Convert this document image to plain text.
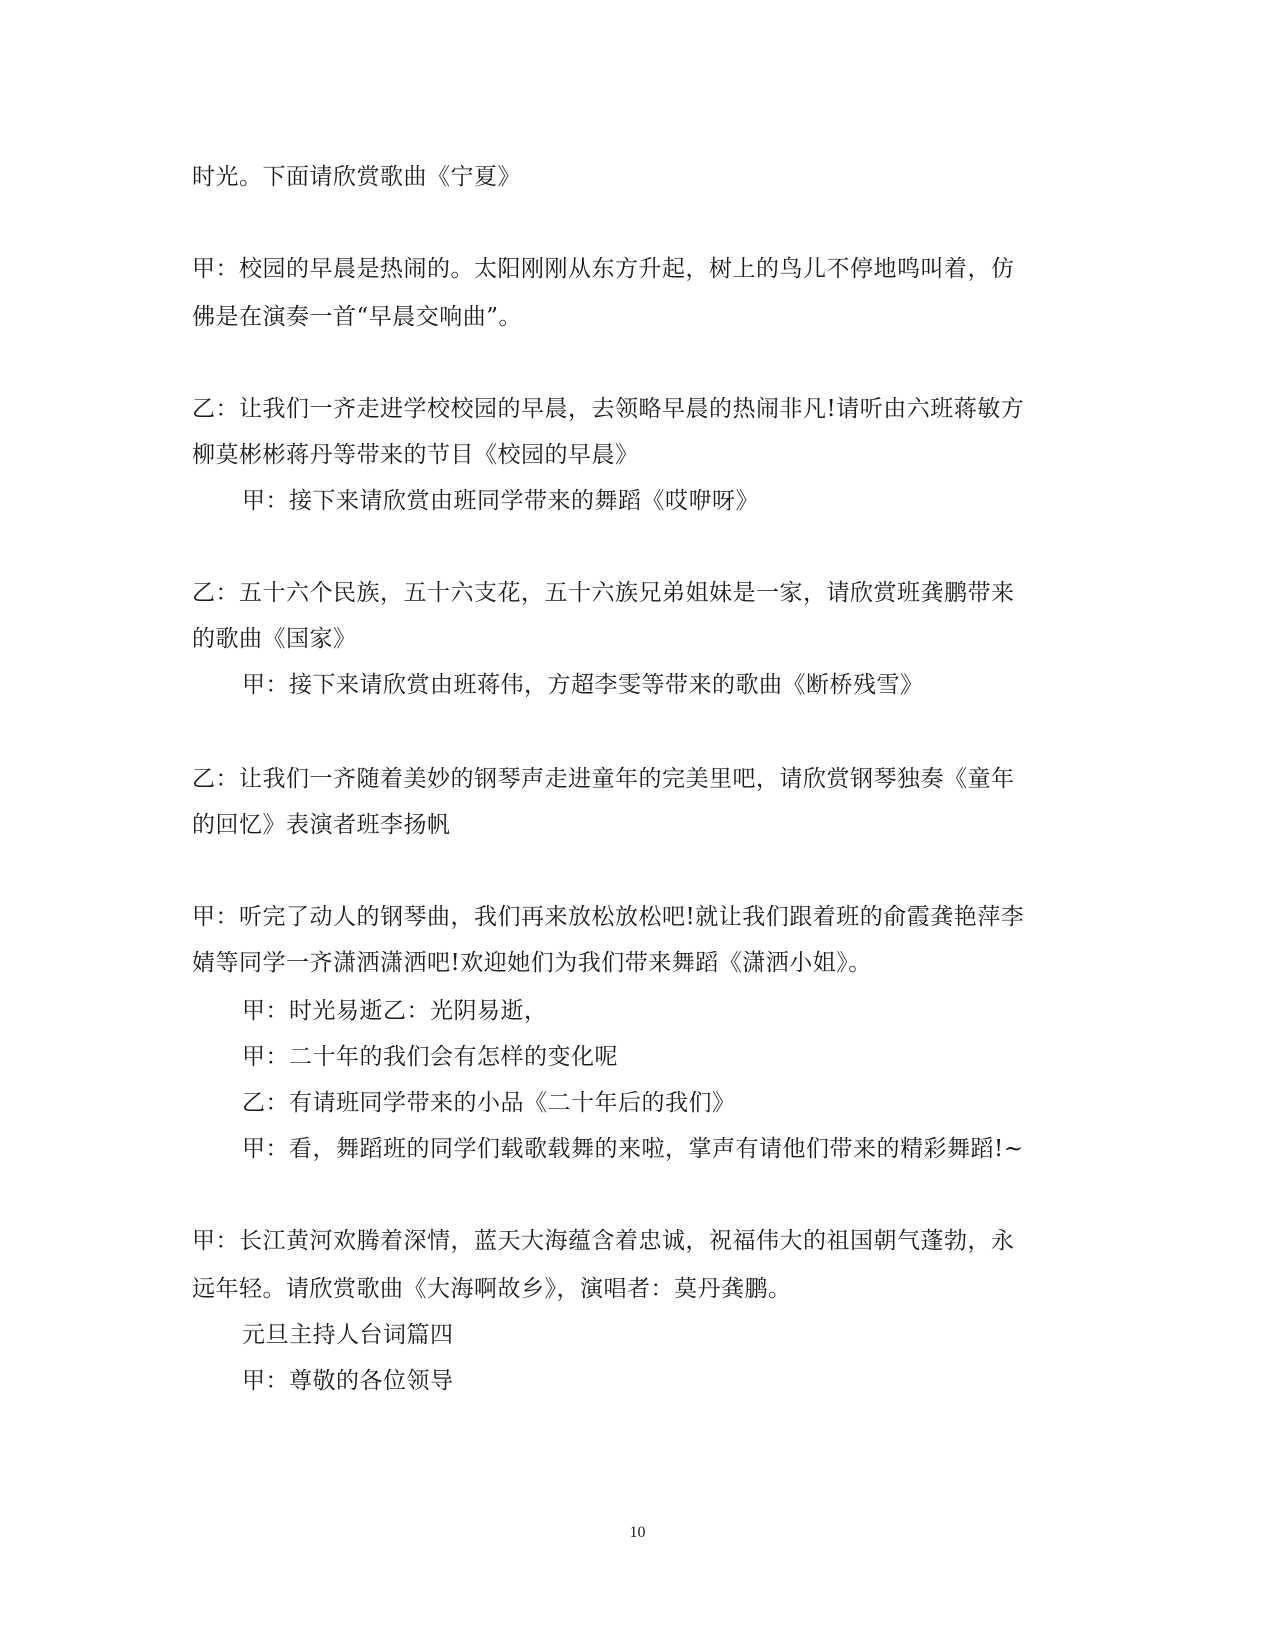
时光。下面请欣赏歌曲《宁夏》
甲：校园的早晨是热闹的。太阳刚刚从东方升起，树上的鸟儿不停地鸣叫着，仿
佛是在演奏一首“早晨交响曲”。
乙：让我们一齐走进学校校园的早晨，去领略早晨的热闹非凡!请听由六班蒋敏方
柳莫彬彬蒋丹等带来的节目《校园的早晨》
甲：接下来请欣赏由班同学带来的舞蹈《哎咿呀》
乙：五十六个民族，五十六支花，五十六族兄弟姐妹是一家，请欣赏班龚鹏带来
的歌曲《国家》
甲：接下来请欣赏由班蒋伟，方超李雯等带来的歌曲《断桥残雪》
乙：让我们一齐随着美妙的钢琴声走进童年的完美里吧，请欣赏钢琴独奏《童年
的回忆》表演者班李扬帆
甲：听完了动人的钢琴曲，我们再来放松放松吧!就让我们跟着班的俞霞龚艳萍李
婧等同学一齐潇洒潇洒吧!欢迎她们为我们带来舞蹈《潇洒小姐》。
甲：时光易逝乙：光阴易逝，
甲：二十年的我们会有怎样的变化呢
乙：有请班同学带来的小品《二十年后的我们》
甲：看，舞蹈班的同学们载歌载舞的来啦，掌声有请他们带来的精彩舞蹈!~
甲：长江黄河欢腾着深情，蓝天大海蕴含着忠诚，祝福伟大的祖国朝气蓬勃，永
远年轻。请欣赏歌曲《大海啊故乡》，演唱者：莫丹龚鹏。
元旦主持人台词篇四
甲：尊敬的各位领导
10
